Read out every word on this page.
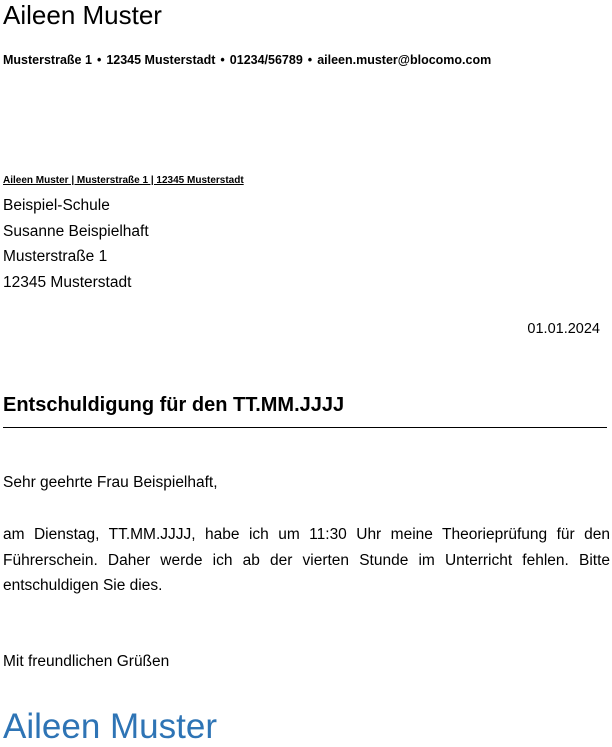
Aileen Muster
Musterstraße 1 • 12345 Musterstadt • 01234/56789 • aileen.muster@blocomo.com
Aileen Muster | Musterstraße 1 | 12345 Musterstadt
Beispiel-Schule
Susanne Beispielhaft
Musterstraße 1
12345 Musterstadt
01.01.2024
Entschuldigung für den TT.MM.JJJJ
Sehr geehrte Frau Beispielhaft,
am Dienstag, TT.MM.JJJJ, habe ich um 11:30 Uhr meine Theorieprüfung für den Führerschein. Daher werde ich ab der vierten Stunde im Unterricht fehlen. Bitte entschuldigen Sie dies.
Mit freundlichen Grüßen
Aileen Muster
